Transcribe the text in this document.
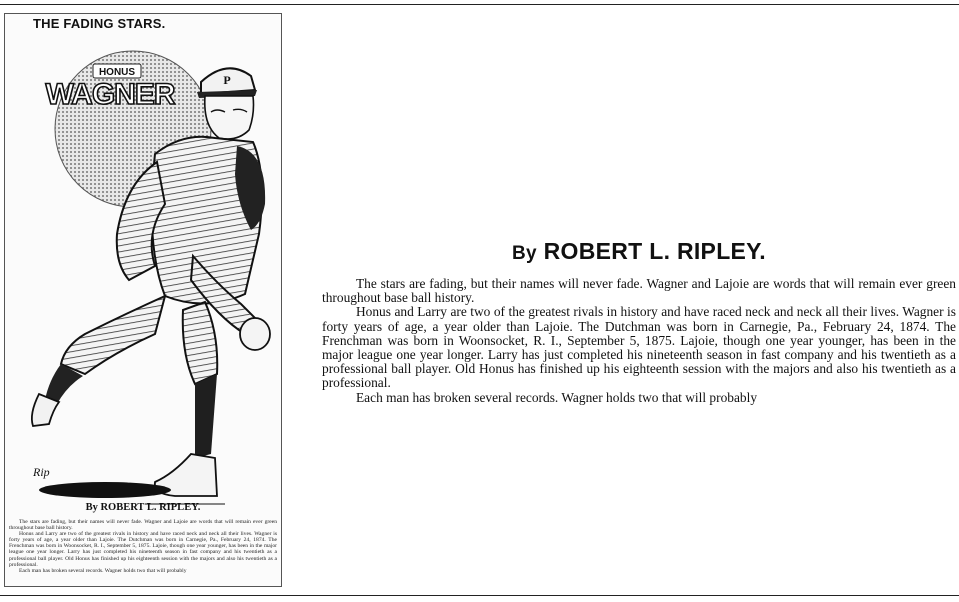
THE FADING STARS.
HONUS
WAGNER	P
Rip
By ROBERT L. RIPLEY.

The stars are fading, but their names will never fade. Wagner and Lajoie are words that will remain ever green throughout base ball history.

Honus and Larry are two of the greatest rivals in history and have raced neck and neck all their lives. Wagner is forty years of age, a year older than Lajoie. The Dutchman was born in Carnegie, Pa., February 24, 1874. The Frenchman was born in Woonsocket, R. I., September 5, 1875. Lajoie, though one year younger, has been in the major league one year longer. Larry has just completed his nineteenth season in fast company and his twentieth as a professional ball player. Old Honus has finished up his eighteenth session with the majors and also his twentieth as a professional.

Each man has broken several records. Wagner holds two that will probably

By ROBERT L. RIPLEY.

The stars are fading, but their names will never fade. Wagner and Lajoie are words that will remain ever green throughout base ball history.

Honus and Larry are two of the greatest rivals in history and have raced neck and neck all their lives. Wagner is forty years of age, a year older than Lajoie. The Dutchman was born in Carnegie, Pa., February 24, 1874. The Frenchman was born in Woonsocket, R. I., September 5, 1875. Lajoie, though one year younger, has been in the major league one year longer. Larry has just completed his nineteenth season in fast company and his twentieth as a professional ball player. Old Honus has finished up his eighteenth session with the majors and also his twentieth as a professional.

Each man has broken several records. Wagner holds two that will probably
